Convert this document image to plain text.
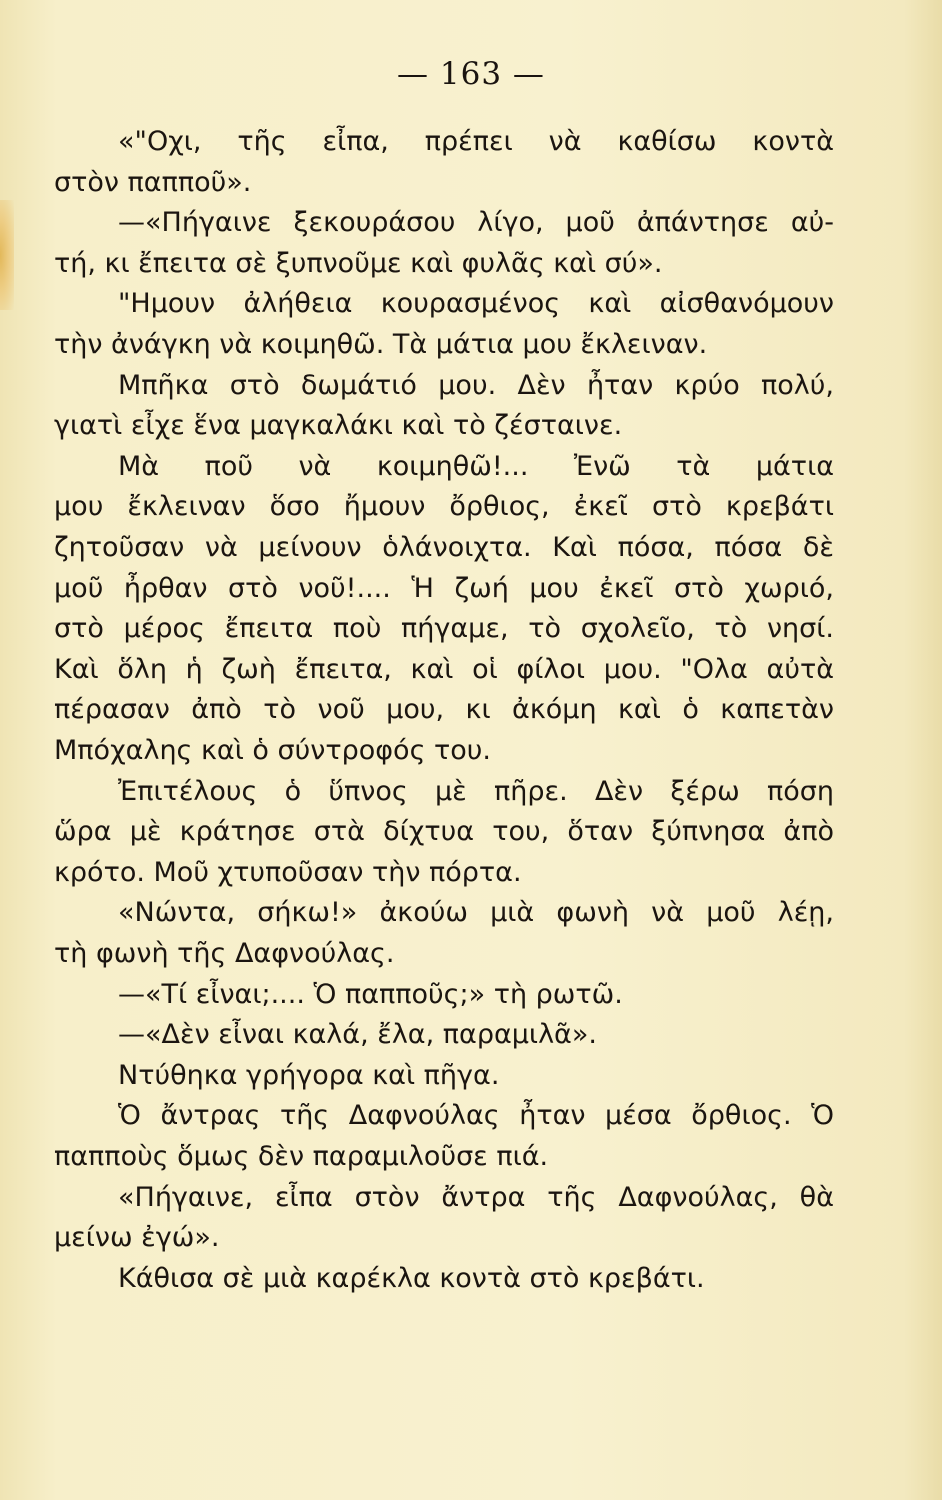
— 163 —
«"Οχι, τῆς εἶπα, πρέπει νὰ καθίσω κοντὰ
στὸν παπποῦ».
—«Πήγαινε ξεκουράσου λίγο, μοῦ ἀπάντησε αὐ-
τή, κι ἔπειτα σὲ ξυπνοῦμε καὶ φυλᾶς καὶ σύ».
"Ημουν ἀλήθεια κουρασμένος καὶ αἰσθανόμουν
τὴν ἀνάγκη νὰ κοιμηθῶ. Τὰ μάτια μου ἔκλειναν.
Μπῆκα στὸ δωμάτιό μου. Δὲν ἦταν κρύο πολύ,
γιατὶ εἶχε ἕνα μαγκαλάκι καὶ τὸ ζέσταινε.
Μὰ ποῦ νὰ κοιμηθῶ!... Ἐνῶ τὰ μάτια
μου ἔκλειναν ὅσο ἤμουν ὄρθιος, ἐκεῖ στὸ κρεβάτι
ζητοῦσαν νὰ μείνουν ὁλάνοιχτα. Καὶ πόσα, πόσα δὲ
μοῦ ἦρθαν στὸ νοῦ!.... Ἡ ζωή μου ἐκεῖ στὸ χωριό,
στὸ μέρος ἔπειτα ποὺ πήγαμε, τὸ σχολεῖο, τὸ νησί.
Καὶ ὅλη ἡ ζωὴ ἔπειτα, καὶ οἱ φίλοι μου. "Ολα αὐτὰ
πέρασαν ἀπὸ τὸ νοῦ μου, κι ἀκόμη καὶ ὁ καπετὰν
Μπόχαλης καὶ ὁ σύντροφός του.
Ἐπιτέλους ὁ ὕπνος μὲ πῆρε. Δὲν ξέρω πόση
ὥρα μὲ κράτησε στὰ δίχτυα του, ὅταν ξύπνησα ἀπὸ
κρότο. Μοῦ χτυποῦσαν τὴν πόρτα.
«Νώντα, σήκω!» ἀκούω μιὰ φωνὴ νὰ μοῦ λέῃ,
τὴ φωνὴ τῆς Δαφνούλας.
—«Τί εἶναι;.... Ὁ παπποῦς;» τὴ ρωτῶ.
—«Δὲν εἶναι καλά, ἔλα, παραμιλᾶ».
Ντύθηκα γρήγορα καὶ πῆγα.
Ὁ ἄντρας τῆς Δαφνούλας ἦταν μέσα ὄρθιος. Ὁ
παπποὺς ὅμως δὲν παραμιλοῦσε πιά.
«Πήγαινε, εἶπα στὸν ἄντρα τῆς Δαφνούλας, θὰ
μείνω ἐγώ».
Κάθισα σὲ μιὰ καρέκλα κοντὰ στὸ κρεβάτι.
